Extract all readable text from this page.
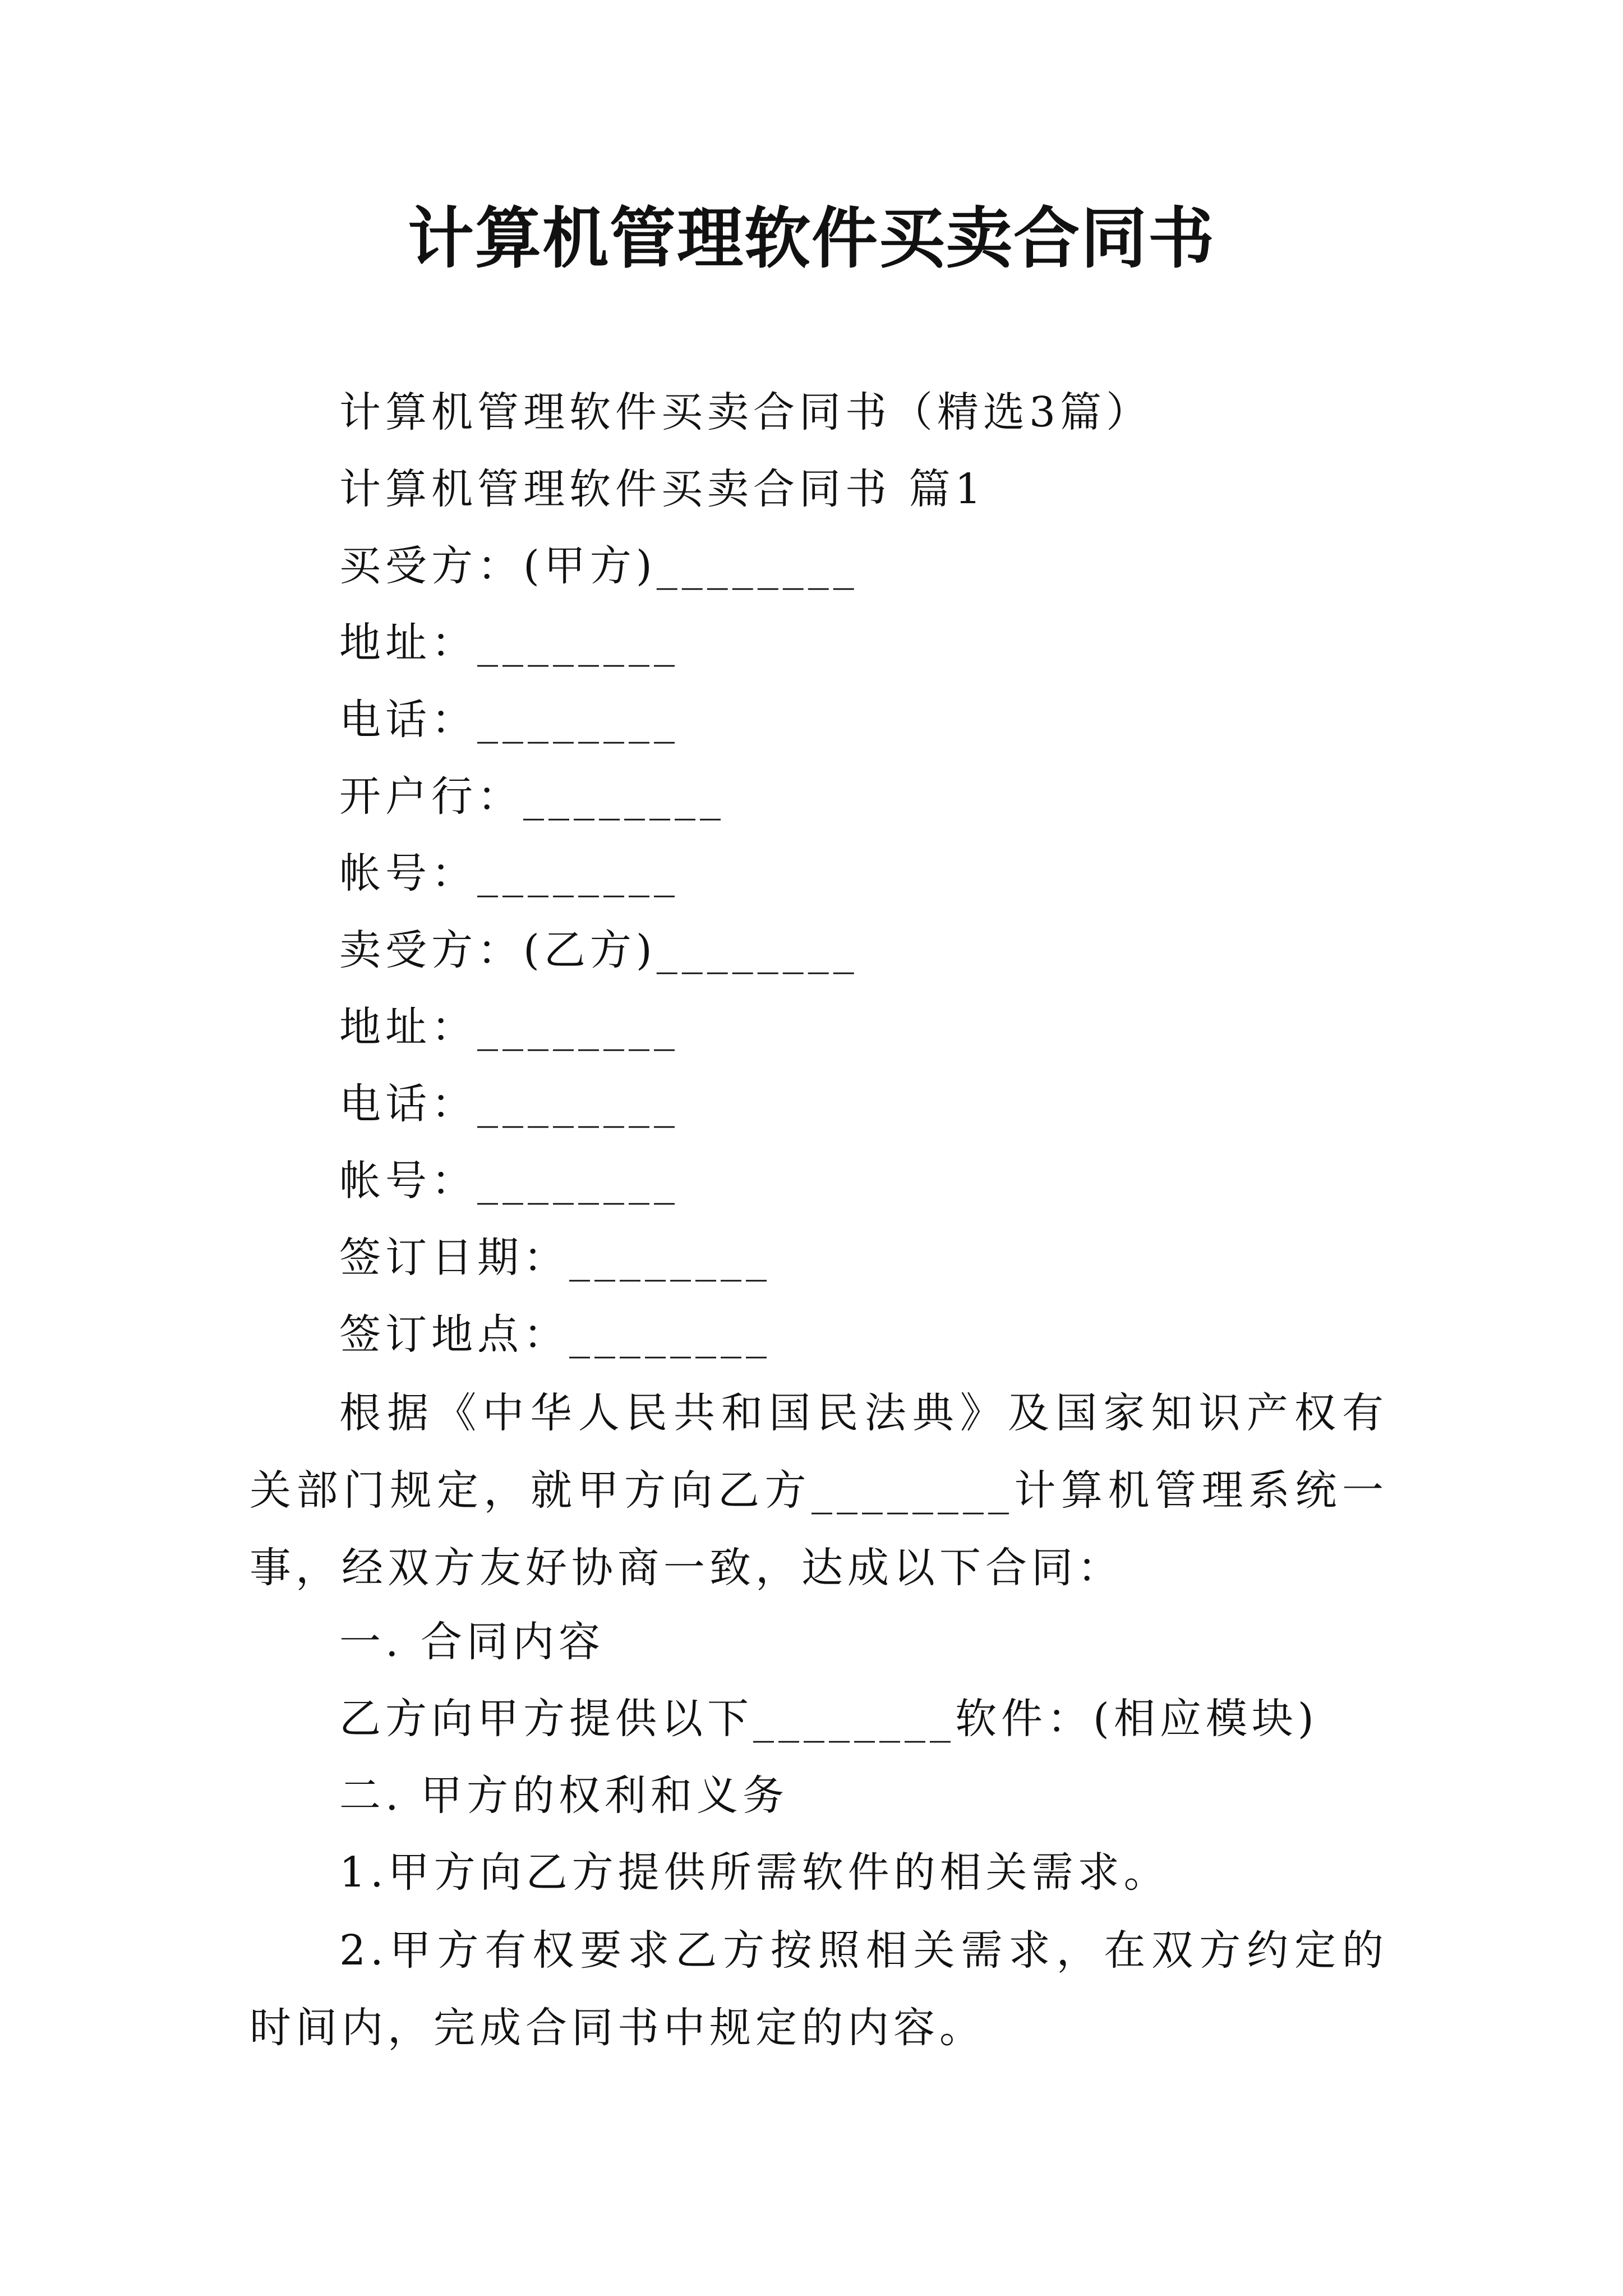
计算机管理软件买卖合同书
计算机管理软件买卖合同书（精选3篇）
计算机管理软件买卖合同书 篇1
买受方：(甲方)________
地址：________
电话：________
开户行：________
帐号：________
卖受方：(乙方)________
地址：________
电话：________
帐号：________
签订日期：________
签订地点：________
根据《中华人民共和国民法典》及国家知识产权有关部门规定，就甲方向乙方________计算机管理系统一事，经双方友好协商一致，达成以下合同：
一. 合同内容
乙方向甲方提供以下________软件：(相应模块)
二. 甲方的权利和义务
1.甲方向乙方提供所需软件的相关需求。
2.甲方有权要求乙方按照相关需求，在双方约定的时间内，完成合同书中规定的内容。
